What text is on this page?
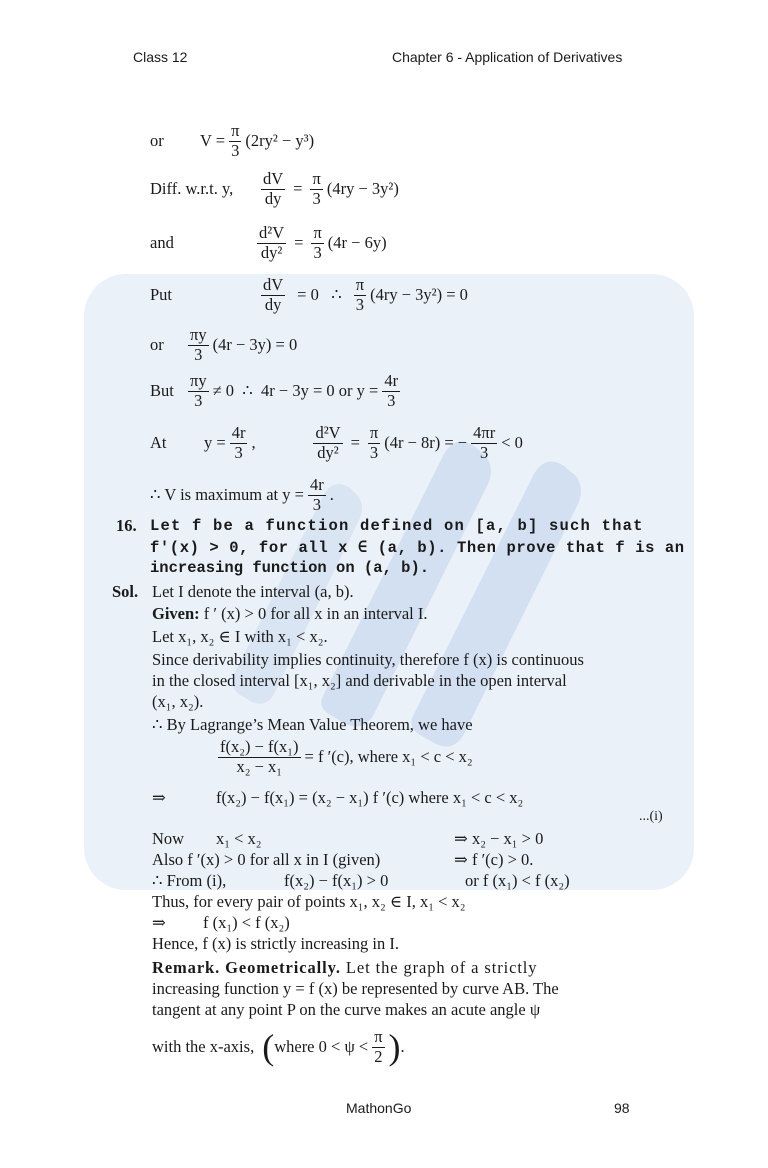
Class 12	Chapter 6 - Application of Derivatives
or	$V = \frac{\pi}{3} (2ry^2 - y^3)$
Diff. w.r.t. y,	$\frac{dV}{dy} = \frac{\pi}{3} (4ry - 3y^2)$
and	$\frac{\text{d²V}}{\text{dy²}} = \frac{\pi}{3} (4r - 6y)$
Put	$\frac{dV}{dy} = 0$   ∴ $\frac{\pi}{3} (4ry - 3y^2) = 0$
or	$\frac{\pi y}{3} (4r - 3y) = 0$
But $\frac{\pi y}{3} \ne 0$  ∴  4r − 3y = 0 or $y = \frac{4r}{3}$
At	$y = \frac{4r}{3}$ ,	$\frac{\text{d²V}}{\text{dy²}} = \frac{\pi}{3} (4r - 8r)$ = − $\frac{4\pi r}{3} < 0$
∴ V is maximum at $y = \frac{4r}{3}$ .
16. Let f be a function defined on [a, b] such that
f′(x) > 0, for all x ∈ (a, b). Then prove that f is an
increasing function on (a, b).
Sol. Let I denote the interval (a, b).
Given: f ′ (x) > 0 for all x in an interval I.
Let x₁, x₂ ∈ I with x₁ < x₂.
Since derivability implies continuity, therefore f (x) is continuous
in the closed interval [x₁, x₂] and derivable in the open interval
(x₁, x₂).
∴ By Lagrange’s Mean Value Theorem, we have
$\frac{\text{f(x₂) − f(x₁)}}{\text{x₂ − x₁}} = f$ ′(c), where x₁ < c < x₂
⇒	f(x₂) − f(x₁) = (x₂ − x₁) f ′(c) where x₁ < c < x₂
...(i)
Now x₁ < x₂	⇒ x₂ − x₁ > 0
Also f ′(x) > 0 for all x in I (given)	⇒ f ′(c) > 0.
∴ From (i),	f(x₂) − f(x₁) > 0	or f (x₁) < f (x₂)
Thus, for every pair of points x₁, x₂ ∈ I, x₁ < x₂
⇒ f (x₁) < f (x₂)
Hence, f (x) is strictly increasing in I.
Remark. Geometrically. Let the graph of a strictly
increasing function y = f (x) be represented by curve AB. The
tangent at any point P on the curve makes an acute angle ψ
with the x-axis, ( where $0 < \psi < \frac{\pi}{2}$ ) .
MathonGo	98
